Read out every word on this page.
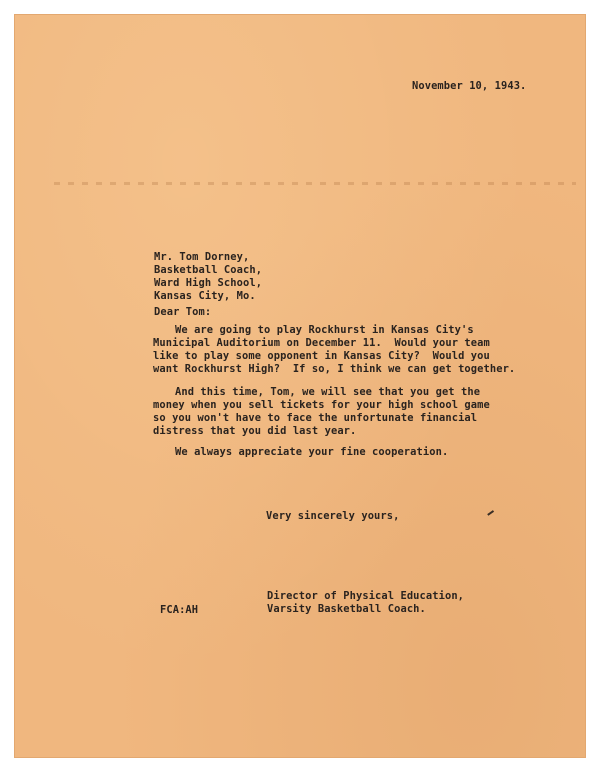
November 10, 1943.
Mr. Tom Dorney,
Basketball Coach,
Ward High School,
Kansas City, Mo.
Dear Tom:
We are going to play Rockhurst in Kansas City's
Municipal Auditorium on December 11.  Would your team
like to play some opponent in Kansas City?  Would you
want Rockhurst High?  If so, I think we can get together.
And this time, Tom, we will see that you get the
money when you sell tickets for your high school game
so you won't have to face the unfortunate financial
distress that you did last year.
We always appreciate your fine cooperation.
Very sincerely yours,
Director of Physical Education,
Varsity Basketball Coach.
FCA:AH
